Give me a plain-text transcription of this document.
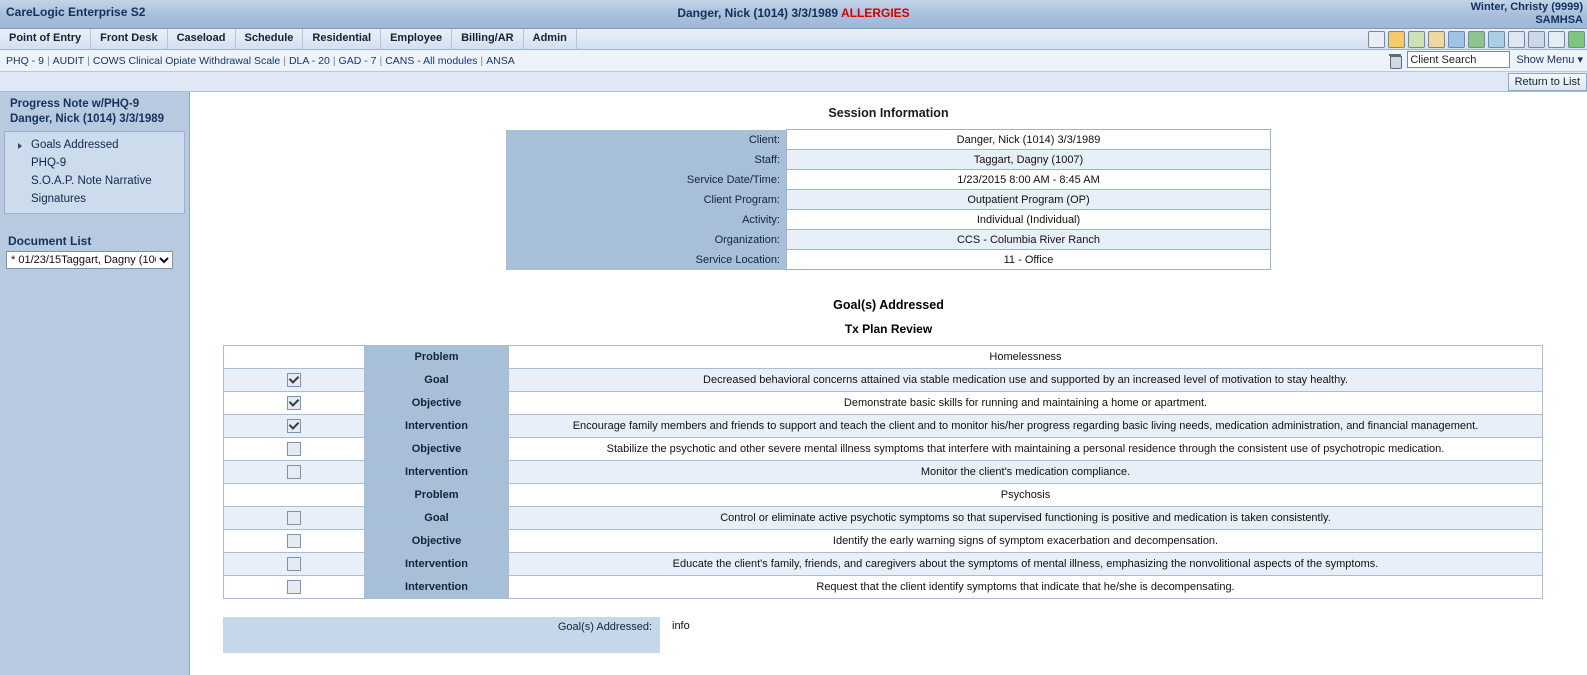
CareLogic Enterprise S2	Danger, Nick (1014) 3/3/1989 ALLERGIES	Winter, Christy (9999)
SAMHSA
Point of Entry	Front Desk	Caseload	Schedule	Residential	Employee	Billing/AR	Admin
PHQ - 9 | AUDIT | COWS Clinical Opiate Withdrawal Scale | DLA - 20 | GAD - 7 | CANS - All modules | ANSA
Client Search	Show Menu ▾
Return to List
Progress Note w/PHQ-9
Danger, Nick (1014) 3/3/1989
Goals Addressed
PHQ-9
S.O.A.P. Note Narrative
Signatures
Document List
* 01/23/15Taggart, Dagny (1007)
Session Information
Client:	Danger, Nick (1014) 3/3/1989
Staff:	Taggart, Dagny (1007)
Service Date/Time:	1/23/2015 8:00 AM - 8:45 AM
Client Program:	Outpatient Program (OP)
Activity:	Individual (Individual)
Organization:	CCS - Columbia River Ranch
Service Location:	11 - Office
Goal(s) Addressed
Tx Plan Review
	Problem	Homelessness
	Goal	Decreased behavioral concerns attained via stable medication use and supported by an increased level of motivation to stay healthy.
	Objective	Demonstrate basic skills for running and maintaining a home or apartment.
	Intervention	Encourage family members and friends to support and teach the client and to monitor his/her progress regarding basic living needs, medication administration, and financial management.
	Objective	Stabilize the psychotic and other severe mental illness symptoms that interfere with maintaining a personal residence through the consistent use of psychotropic medication.
	Intervention	Monitor the client's medication compliance.
	Problem	Psychosis
	Goal	Control or eliminate active psychotic symptoms so that supervised functioning is positive and medication is taken consistently.
	Objective	Identify the early warning signs of symptom exacerbation and decompensation.
	Intervention	Educate the client's family, friends, and caregivers about the symptoms of mental illness, emphasizing the nonvolitional aspects of the symptoms.
	Intervention	Request that the client identify symptoms that indicate that he/she is decompensating.
Goal(s) Addressed:	info
